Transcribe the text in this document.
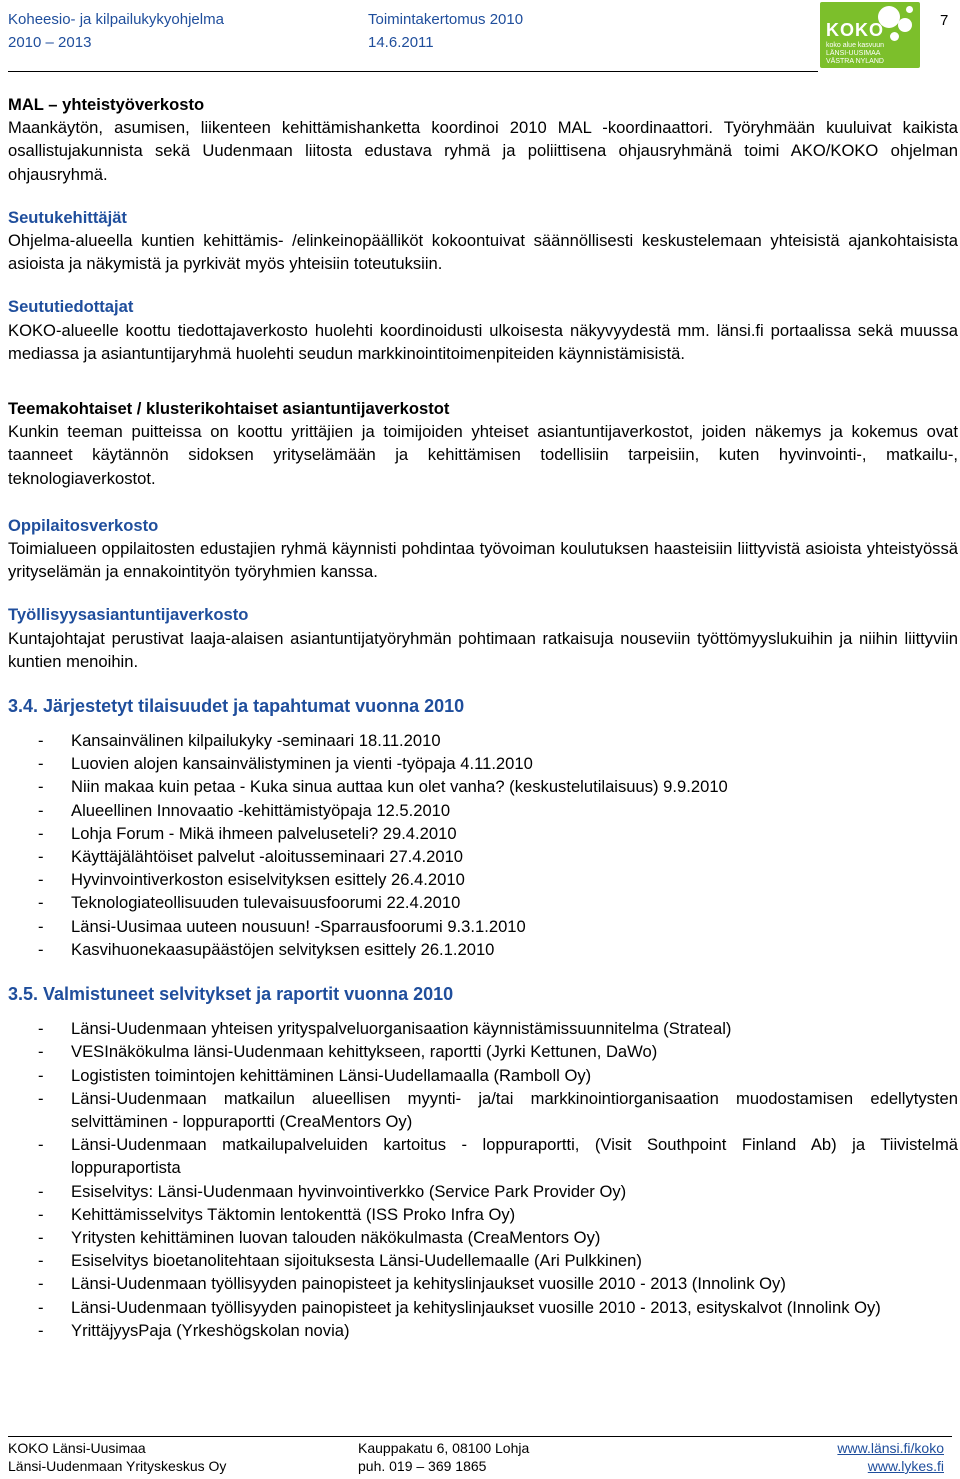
Koheesio- ja kilpailukykyohjelma
2010 – 2013
Toimintakertomus 2010
14.6.2011
KOKO
koko alue kasvuun
LÄNSI-UUSIMAA
VÄSTRA NYLAND
7
MAL – yhteistyöverkosto
Maankäytön, asumisen, liikenteen kehittämishanketta koordinoi 2010 MAL -koordinaattori. Työryhmään kuuluivat kaikista osallistujakunnista sekä Uudenmaan liitosta edustava ryhmä ja poliittisena ohjausryhmänä toimi AKO/KOKO ohjelman ohjausryhmä.
Seutukehittäjät
Ohjelma-alueella kuntien kehittämis- /elinkeinopäälliköt kokoontuivat säännöllisesti keskustelemaan yhteisistä ajankohtaisista asioista ja näkymistä ja pyrkivät myös yhteisiin toteutuksiin.
Seututiedottajat
KOKO-alueelle koottu tiedottajaverkosto huolehti koordinoidusti ulkoisesta näkyvyydestä mm. länsi.fi portaalissa sekä muussa mediassa ja asiantuntijaryhmä huolehti seudun markkinointitoimenpiteiden käynnistämisistä.
Teemakohtaiset / klusterikohtaiset asiantuntijaverkostot
Kunkin teeman puitteissa on koottu yrittäjien ja toimijoiden yhteiset asiantuntijaverkostot, joiden näkemys ja kokemus ovat taanneet käytännön sidoksen yrityselämään ja kehittämisen todellisiin tarpeisiin, kuten hyvinvointi-, matkailu-, teknologiaverkostot.
Oppilaitosverkosto
Toimialueen oppilaitosten edustajien ryhmä käynnisti pohdintaa työvoiman koulutuksen haasteisiin liittyvistä asioista yhteistyössä yrityselämän ja ennakointityön työryhmien kanssa.
Työllisyysasiantuntijaverkosto
Kuntajohtajat perustivat laaja-alaisen asiantuntijatyöryhmän pohtimaan ratkaisuja nouseviin työttömyyslukuihin ja niihin liittyviin kuntien menoihin.
3.4. Järjestetyt tilaisuudet ja tapahtumat vuonna 2010
- Kansainvälinen kilpailukyky -seminaari 18.11.2010
- Luovien alojen kansainvälistyminen ja vienti -työpaja 4.11.2010
- Niin makaa kuin petaa - Kuka sinua auttaa kun olet vanha? (keskustelutilaisuus) 9.9.2010
- Alueellinen Innovaatio -kehittämistyöpaja 12.5.2010
- Lohja Forum - Mikä ihmeen palveluseteli? 29.4.2010
- Käyttäjälähtöiset palvelut -aloitusseminaari 27.4.2010
- Hyvinvointiverkoston esiselvityksen esittely 26.4.2010
- Teknologiateollisuuden tulevaisuusfoorumi 22.4.2010
- Länsi-Uusimaa uuteen nousuun! -Sparrausfoorumi 9.3.1.2010
- Kasvihuonekaasupäästöjen selvityksen esittely 26.1.2010
3.5. Valmistuneet selvitykset ja raportit vuonna 2010
- Länsi-Uudenmaan yhteisen yrityspalveluorganisaation käynnistämissuunnitelma (Strateal)
- VESInäkökulma länsi-Uudenmaan kehittykseen, raportti (Jyrki Kettunen, DaWo)
- Logististen toimintojen kehittäminen Länsi-Uudellamaalla (Ramboll Oy)
- Länsi-Uudenmaan matkailun alueellisen myynti- ja/tai markkinointiorganisaation muodostamisen edellytysten selvittäminen - loppuraportti (CreaMentors Oy)
- Länsi-Uudenmaan matkailupalveluiden kartoitus - loppuraportti, (Visit Southpoint Finland Ab) ja Tiivistelmä loppuraportista
- Esiselvitys: Länsi-Uudenmaan hyvinvointiverkko (Service Park Provider Oy)
- Kehittämisselvitys Täktomin lentokenttä (ISS Proko Infra Oy)
- Yritysten kehittäminen luovan talouden näkökulmasta (CreaMentors Oy)
- Esiselvitys bioetanolitehtaan sijoituksesta Länsi-Uudellemaalle (Ari Pulkkinen)
- Länsi-Uudenmaan työllisyyden painopisteet ja kehityslinjaukset vuosille 2010 - 2013 (Innolink Oy)
- Länsi-Uudenmaan työllisyyden painopisteet ja kehityslinjaukset vuosille 2010 - 2013, esityskalvot (Innolink Oy)
- YrittäjyysPaja (Yrkeshögskolan novia)
KOKO Länsi-Uusimaa
Länsi-Uudenmaan Yrityskeskus Oy
Kauppakatu 6, 08100 Lohja
puh. 019 – 369 1865
www.länsi.fi/koko
www.lykes.fi
